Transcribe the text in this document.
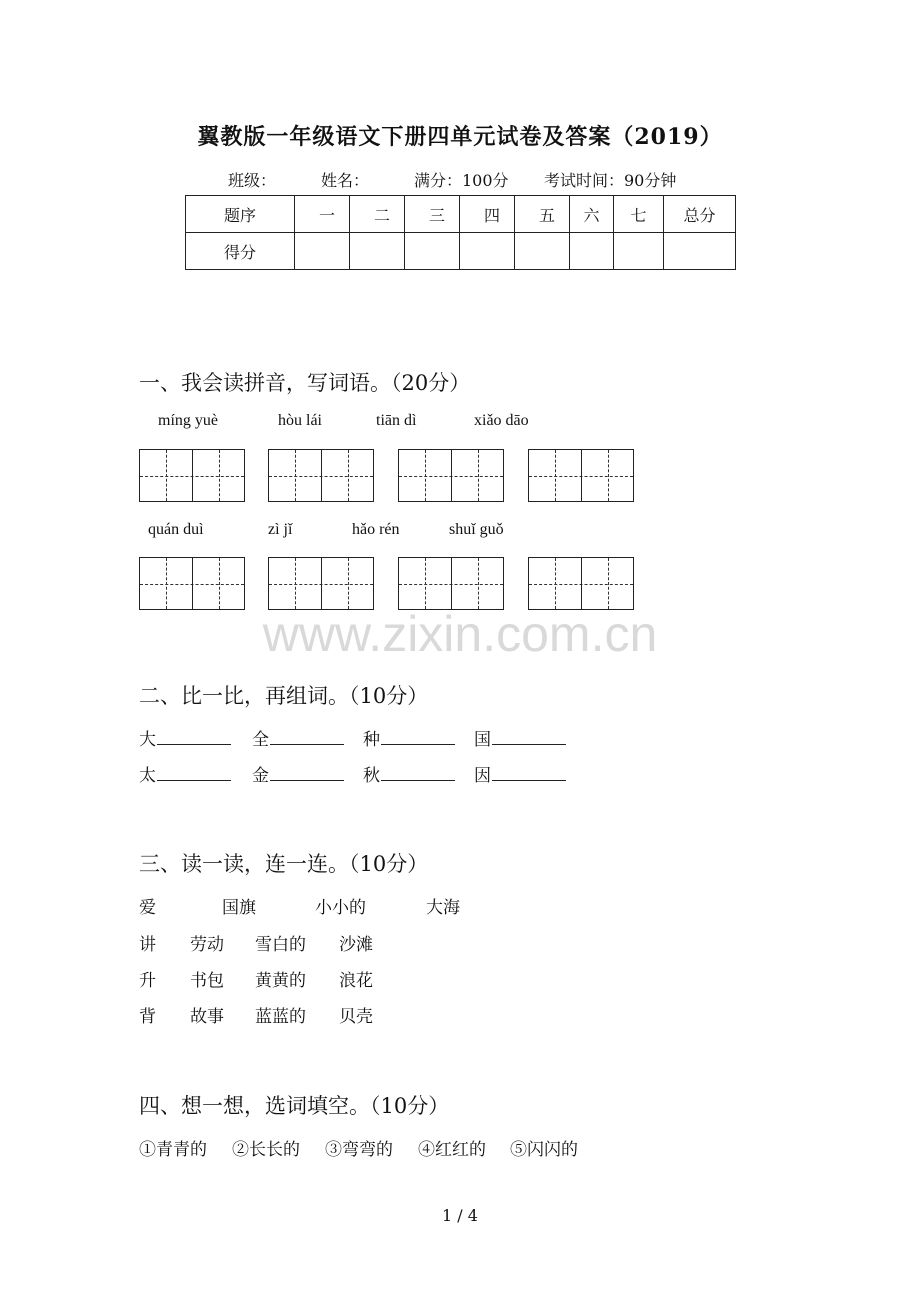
翼教版一年级语文下册四单元试卷及答案（2019）
班级：	姓名：	满分：100分 考试时间：90分钟
题序	一	二	三	四	五	六	七	总分
得分								
一、我会读拼音，写词语。（20分）
míng yuè	hòu lái	tiān dì	xiǎo dāo
quán duì	zì jǐ	hǎo rén	shuǐ guǒ
www.zixin.com.cn
二、比一比，再组词。（10分）
大	全	种	国
太	金	秋	因
三、读一读，连一连。（10分）
爱	国旗	小小的	大海
讲 劳动 雪白的 沙滩
升 书包 黄黄的 浪花
背 故事 蓝蓝的 贝壳
四、想一想，选词填空。（10分）
①青青的 ②长长的 ③弯弯的 ④红红的 ⑤闪闪的
1 / 4
